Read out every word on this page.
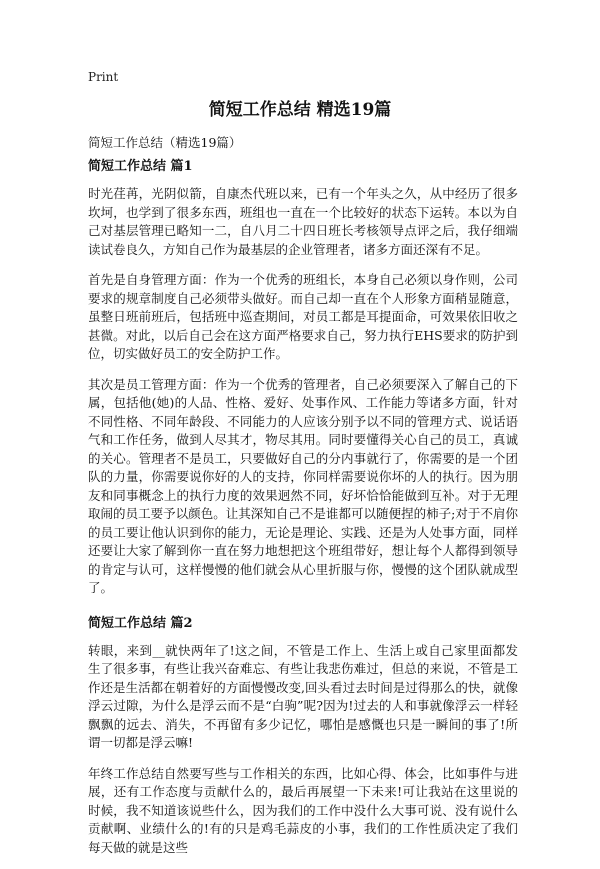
Print
简短工作总结 精选19篇

简短工作总结（精选19篇）

简短工作总结 篇1

时光荏苒，光阴似箭，自康杰代班以来，已有一个年头之久，从中经历了很多坎坷，也学到了很多东西，班组也一直在一个比较好的状态下运转。本以为自己对基层管理已略知一二，自八月二十四日班长考核领导点评之后，我仔细端读试卷良久，方知自己作为最基层的企业管理者，诸多方面还深有不足。

首先是自身管理方面：作为一个优秀的班组长，本身自己必须以身作则，公司要求的规章制度自己必须带头做好。而自己却一直在个人形象方面稍显随意，虽整日班前班后，包括班中巡查期间，对员工都是耳提面命，可效果依旧收之甚微。对此，以后自己会在这方面严格要求自己，努力执行EHS要求的防护到位，切实做好员工的安全防护工作。

其次是员工管理方面：作为一个优秀的管理者，自己必须要深入了解自己的下属，包括他(她)的人品、性格、爱好、处事作风、工作能力等诸多方面，针对不同性格、不同年龄段、不同能力的人应该分别予以不同的管理方式、说话语气和工作任务，做到人尽其才，物尽其用。同时要懂得关心自己的员工，真诚的关心。管理者不是员工，只要做好自己的分内事就行了，你需要的是一个团队的力量，你需要说你好的人的支持，你同样需要说你坏的人的执行。因为朋友和同事概念上的执行力度的效果迥然不同，好坏恰恰能做到互补。对于无理取闹的员工要予以颜色。让其深知自己不是谁都可以随便捏的柿子;对于不肩你的员工要让他认识到你的能力，无论是理论、实践、还是为人处事方面，同样还要让大家了解到你一直在努力地想把这个班组带好，想让每个人都得到领导的肯定与认可，这样慢慢的他们就会从心里折服与你，慢慢的这个团队就成型了。

简短工作总结 篇2

转眼，来到__就快两年了!这之间，不管是工作上、生活上或自己家里面都发生了很多事，有些让我兴奋难忘、有些让我悲伤难过，但总的来说，不管是工作还是生活都在朝着好的方面慢慢改变,回头看过去时间是过得那么的快，就像浮云过隙，为什么是浮云而不是“白驹”呢?因为!过去的人和事就像浮云一样轻飘飘的远去、消失，不再留有多少记忆，哪怕是感慨也只是一瞬间的事了!所谓一切都是浮云嘛!

年终工作总结自然要写些与工作相关的东西，比如心得、体会，比如事件与进展，还有工作态度与贡献什么的，最后再展望一下未来!可让我站在这里说的时候，我不知道该说些什么，因为我们的工作中没什么大事可说、没有说什么贡献啊、业绩什么的!有的只是鸡毛蒜皮的小事，我们的工作性质决定了我们每天做的就是这些
